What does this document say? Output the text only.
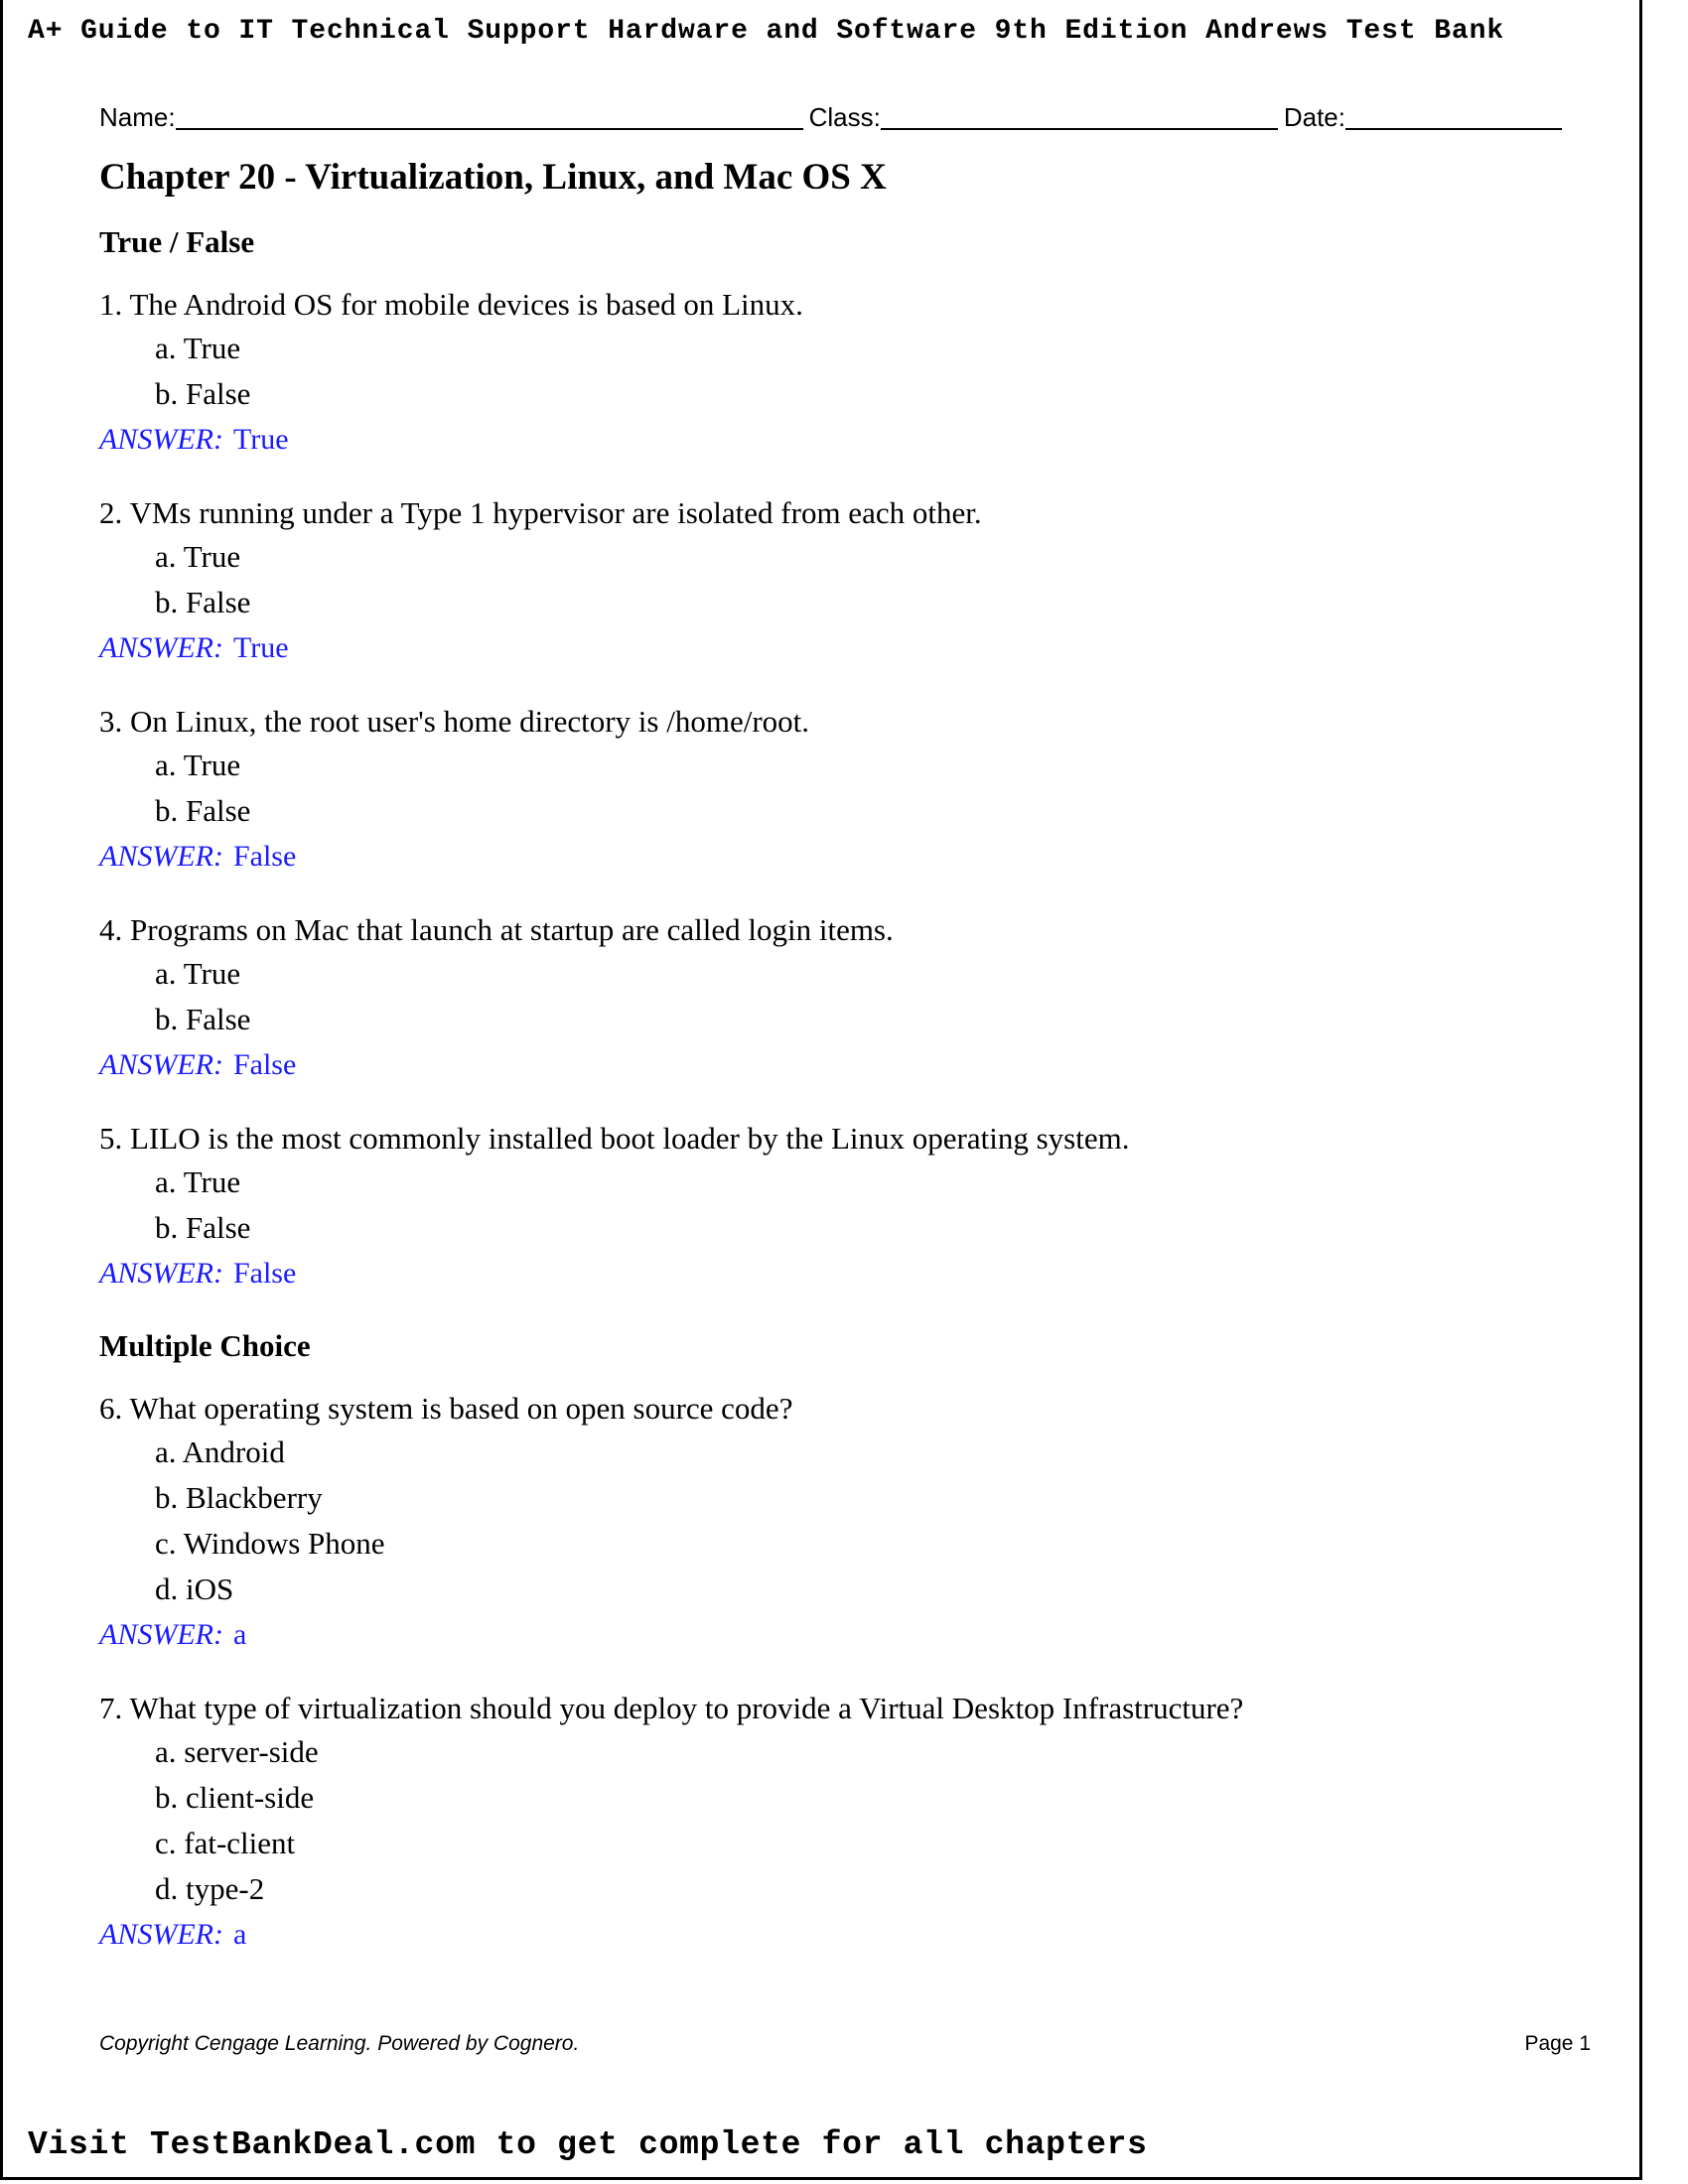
A+ Guide to IT Technical Support Hardware and Software 9th Edition Andrews Test Bank
Name:	Class:	Date:
Chapter 20 - Virtualization, Linux, and Mac OS X
True / False
1. The Android OS for mobile devices is based on Linux.
a. True
b. False
ANSWER: True
2. VMs running under a Type 1 hypervisor are isolated from each other.
a. True
b. False
ANSWER: True
3. On Linux, the root user's home directory is /home/root.
a. True
b. False
ANSWER: False
4. Programs on Mac that launch at startup are called login items.
a. True
b. False
ANSWER: False
5. LILO is the most commonly installed boot loader by the Linux operating system.
a. True
b. False
ANSWER: False
Multiple Choice
6. What operating system is based on open source code?
a. Android
b. Blackberry
c. Windows Phone
d. iOS
ANSWER: a
7. What type of virtualization should you deploy to provide a Virtual Desktop Infrastructure?
a. server-side
b. client-side
c. fat-client
d. type-2
ANSWER: a
Copyright Cengage Learning. Powered by Cognero.	Page 1
Visit TestBankDeal.com to get complete for all chapters
